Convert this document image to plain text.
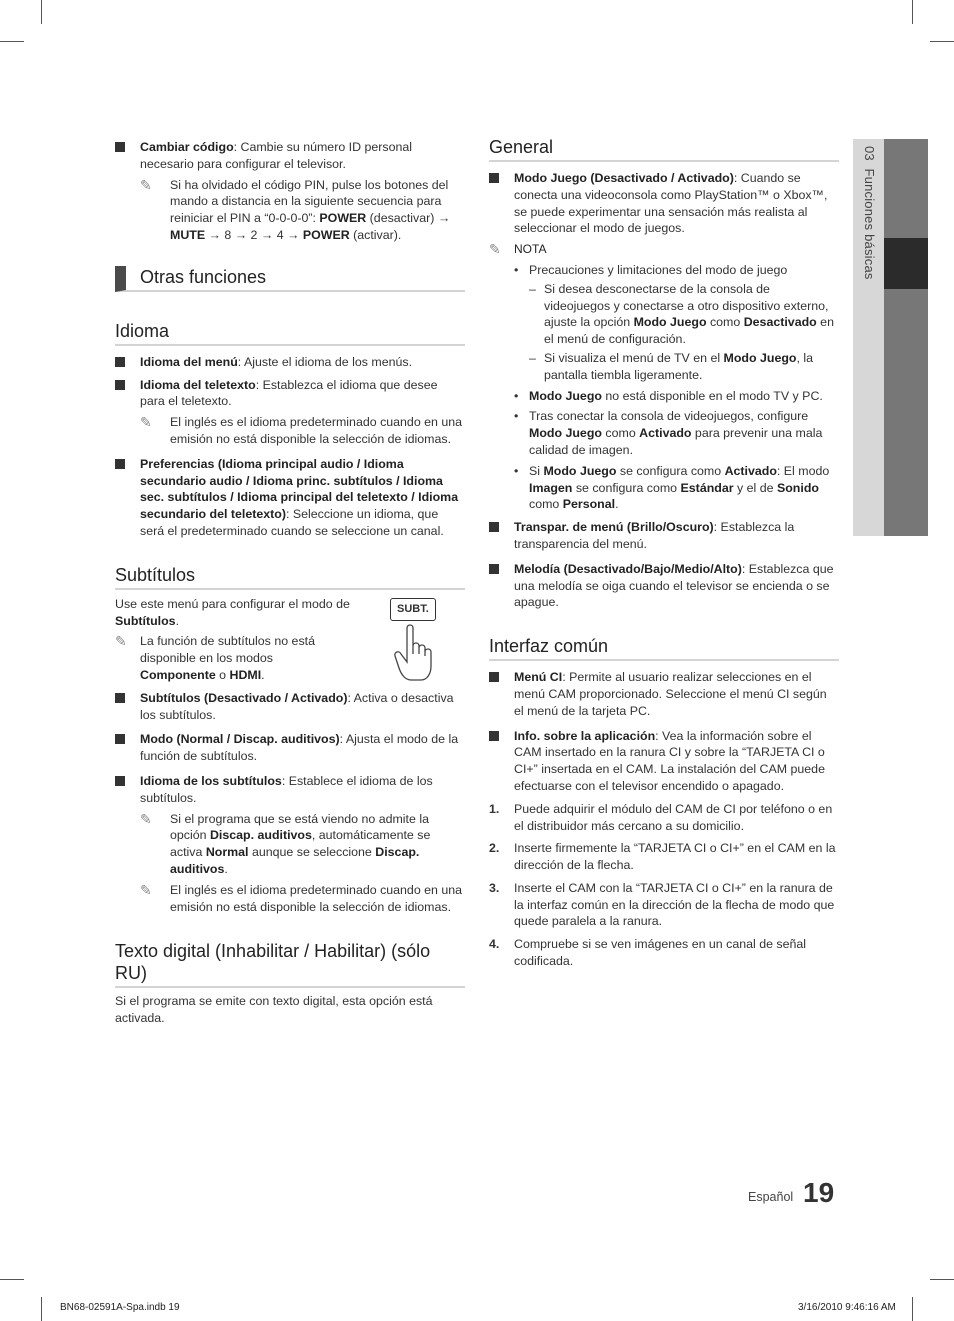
03  Funciones básicas
Cambiar código: Cambie su número ID personal necesario para configurar el televisor.
✎ Si ha olvidado el código PIN, pulse los botones del mando a distancia en la siguiente secuencia para reiniciar el PIN a “0-0-0-0”: POWER (desactivar) → MUTE → 8 → 2 → 4 → POWER (activar).
Otras funciones
Idioma
Idioma del menú: Ajuste el idioma de los menús.
Idioma del teletexto: Establezca el idioma que desee para el teletexto.
✎ El inglés es el idioma predeterminado cuando en una emisión no está disponible la selección de idiomas.
Preferencias (Idioma principal audio / Idioma secundario audio / Idioma princ. subtítulos / Idioma sec. subtítulos / Idioma principal del teletexto / Idioma secundario del teletexto): Seleccione un idioma, que será el predeterminado cuando se seleccione un canal.
Subtítulos
Use este menú para configurar el modo de Subtítulos.
✎ La función de subtítulos no está disponible en los modos Componente o HDMI.
SUBT.
Subtítulos (Desactivado / Activado): Activa o desactiva los subtítulos.
Modo (Normal / Discap. auditivos): Ajusta el modo de la función de subtítulos.
Idioma de los subtítulos: Establece el idioma de los subtítulos.
✎ Si el programa que se está viendo no admite la opción Discap. auditivos, automáticamente se activa Normal aunque se seleccione Discap. auditivos.
✎ El inglés es el idioma predeterminado cuando en una emisión no está disponible la selección de idiomas.
Texto digital (Inhabilitar / Habilitar) (sólo RU)
Si el programa se emite con texto digital, esta opción está activada.
General
Modo Juego (Desactivado / Activado): Cuando se conecta una videoconsola como PlayStation™ o Xbox™, se puede experimentar una sensación más realista al seleccionar el modo de juegos.
✎ NOTA
• Precauciones y limitaciones del modo de juego
– Si desea desconectarse de la consola de videojuegos y conectarse a otro dispositivo externo, ajuste la opción Modo Juego como Desactivado en el menú de configuración.
– Si visualiza el menú de TV en el Modo Juego, la pantalla tiembla ligeramente.
• Modo Juego no está disponible en el modo TV y PC.
• Tras conectar la consola de videojuegos, configure Modo Juego como Activado para prevenir una mala calidad de imagen.
• Si Modo Juego se configura como Activado: El modo Imagen se configura como Estándar y el de Sonido como Personal.
Transpar. de menú (Brillo/Oscuro): Establezca la transparencia del menú.
Melodía (Desactivado/Bajo/Medio/Alto): Establezca que una melodía se oiga cuando el televisor se encienda o se apague.
Interfaz común
Menú CI: Permite al usuario realizar selecciones en el menú CAM proporcionado. Seleccione el menú CI según el menú de la tarjeta PC.
Info. sobre la aplicación: Vea la información sobre el CAM insertado en la ranura CI y sobre la “TARJETA CI o CI+” insertada en el CAM. La instalación del CAM puede efectuarse con el televisor encendido o apagado.
1. Puede adquirir el módulo del CAM de CI por teléfono o en el distribuidor más cercano a su domicilio.
2. Inserte firmemente la “TARJETA CI o CI+” en el CAM en la dirección de la flecha.
3. Inserte el CAM con la “TARJETA CI o CI+” en la ranura de la interfaz común en la dirección de la flecha de modo que quede paralela a la ranura.
4. Compruebe si se ven imágenes en un canal de señal codificada.
Español 19
BN68-02591A-Spa.indb 19	3/16/2010 9:46:16 AM
